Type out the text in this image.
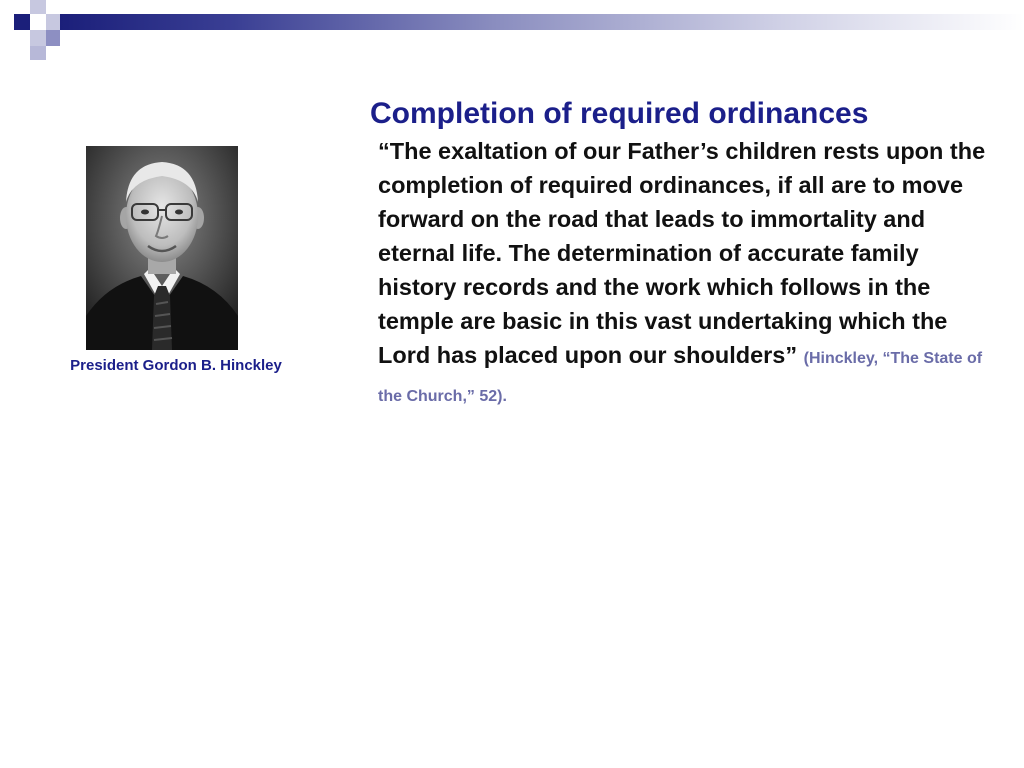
President Gordon B. Hinckley
Completion of required ordinances

“The exaltation of our Father’s children rests upon the completion of required ordinances, if all are to move forward on the road that leads to immortality and eternal life. The determination of accurate family history records and the work which follows in the temple are basic in this vast undertaking which the Lord has placed upon our shoulders” (Hinckley, “The State of the Church,” 52).
